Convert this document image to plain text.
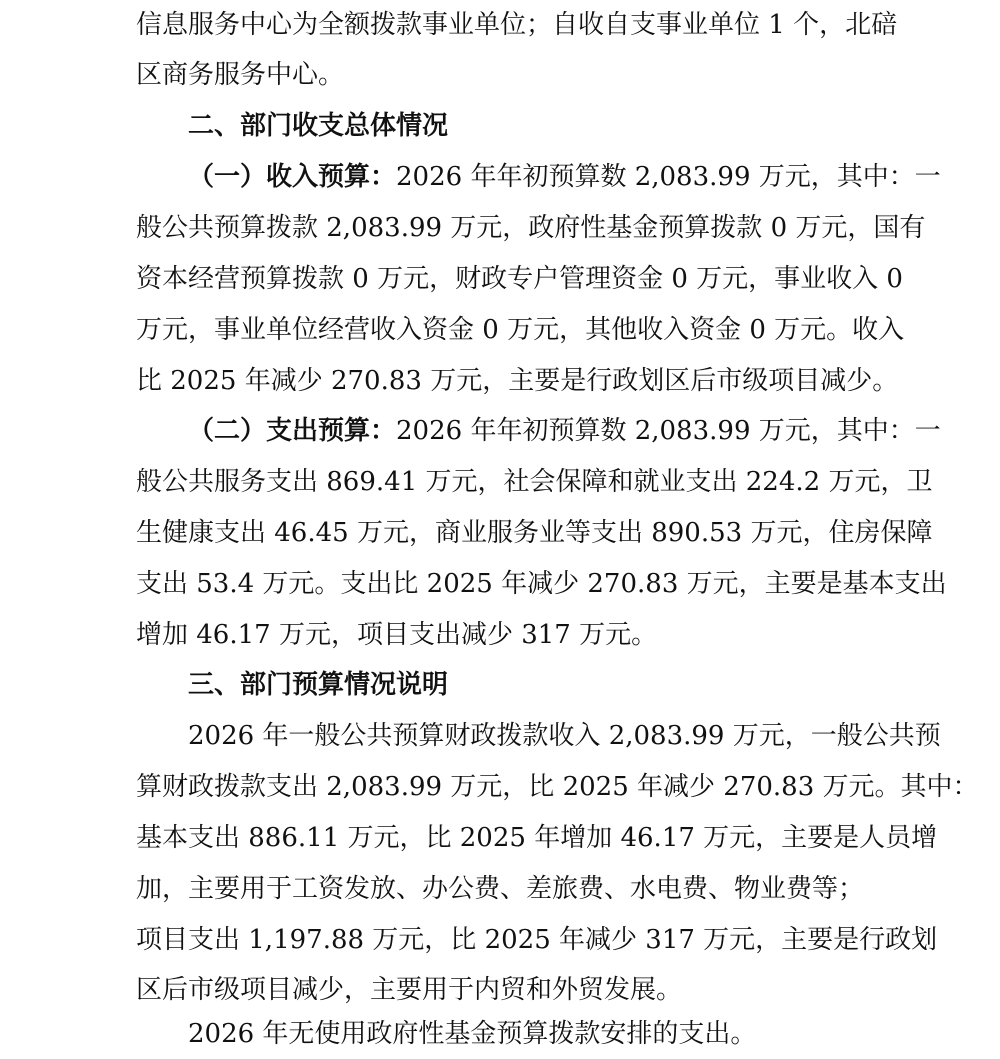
信息服务中心为全额拨款事业单位；自收自支事业单位 1 个，北碚
区商务服务中心。
二、部门收支总体情况
（一）收入预算：2026 年年初预算数 2,083.99 万元，其中：一
般公共预算拨款 2,083.99 万元，政府性基金预算拨款 0 万元，国有
资本经营预算拨款 0 万元，财政专户管理资金 0 万元，事业收入 0
万元，事业单位经营收入资金 0 万元，其他收入资金 0 万元。收入
比 2025 年减少 270.83 万元，主要是行政划区后市级项目减少。
（二）支出预算：2026 年年初预算数 2,083.99 万元，其中：一
般公共服务支出 869.41 万元，社会保障和就业支出 224.2 万元，卫
生健康支出 46.45 万元，商业服务业等支出 890.53 万元，住房保障
支出 53.4 万元。支出比 2025 年减少 270.83 万元，主要是基本支出
增加 46.17 万元，项目支出减少 317 万元。
三、部门预算情况说明
2026 年一般公共预算财政拨款收入 2,083.99 万元，一般公共预
算财政拨款支出 2,083.99 万元，比 2025 年减少 270.83 万元。其中：
基本支出 886.11 万元，比 2025 年增加 46.17 万元，主要是人员增
加，主要用于工资发放、办公费、差旅费、水电费、物业费等；
项目支出 1,197.88 万元，比 2025 年减少 317 万元，主要是行政划
区后市级项目减少，主要用于内贸和外贸发展。
2026 年无使用政府性基金预算拨款安排的支出。
